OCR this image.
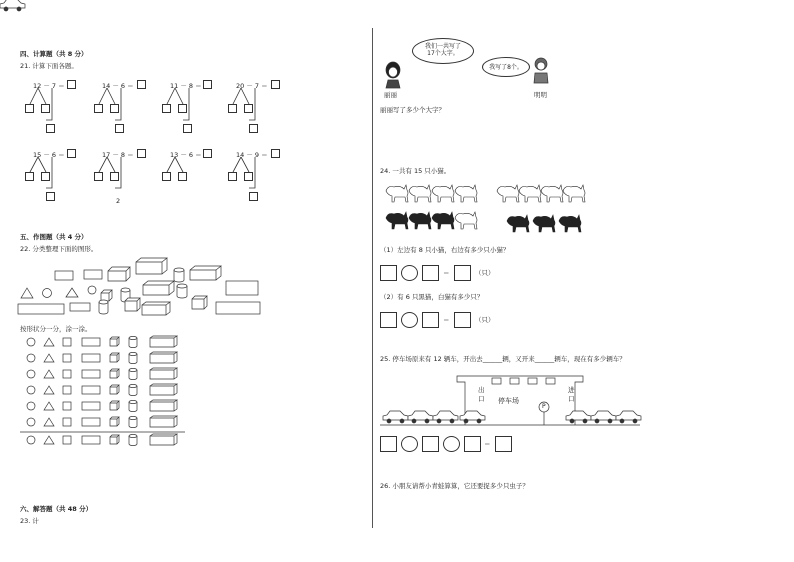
四、计算题（共 8 分）
21. 计算下面各题。
12 － 7 ＝	14 － 6 ＝	11 － 8 ＝	20 － 7 ＝
15 － 6 ＝	17 － 8 ＝	13 － 6 ＝	14 － 9 ＝
2
五、作图题（共 4 分）
22. 分类整理下面的图形。
按形状分一分，涂一涂。
六、解答题（共 48 分）
23. 计
我们一共写了17个大字。
我写了8个。
丽丽	明明
丽丽写了多少个大字？
24. 一共有 15 只小猫。
（1）左边有 8 只小猫，右边有多少只小猫？
＝	（只）
（2）有 6 只黑猫，白猫有多少只？
＝	（只）
25. 停车场原来有 12 辆车，开出去______辆，又开来______辆车，现在有多少辆车？
停车场
出口
进口
P
＝
26. 小朋友请帮小青蛙算算，它还要捉多少只虫子？
